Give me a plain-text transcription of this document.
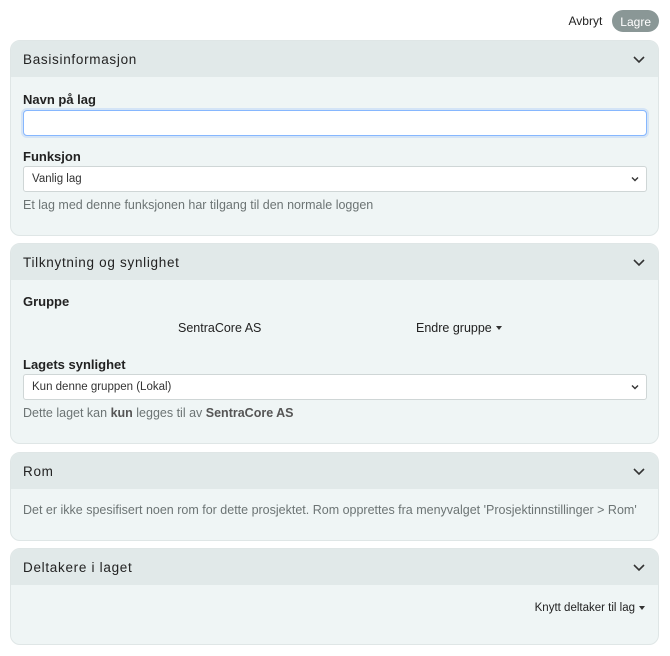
Avbryt	Lagre
Basisinformasjon
Navn på lag
Funksjon
Vanlig lag
Et lag med denne funksjonen har tilgang til den normale loggen
Tilknytning og synlighet
Gruppe
SentraCore AS	Endre gruppe
Lagets synlighet
Kun denne gruppen (Lokal)
Dette laget kan kun legges til av SentraCore AS
Rom
Det er ikke spesifisert noen rom for dette prosjektet. Rom opprettes fra menyvalget 'Prosjektinnstillinger > Rom'
Deltakere i laget
Knytt deltaker til lag
